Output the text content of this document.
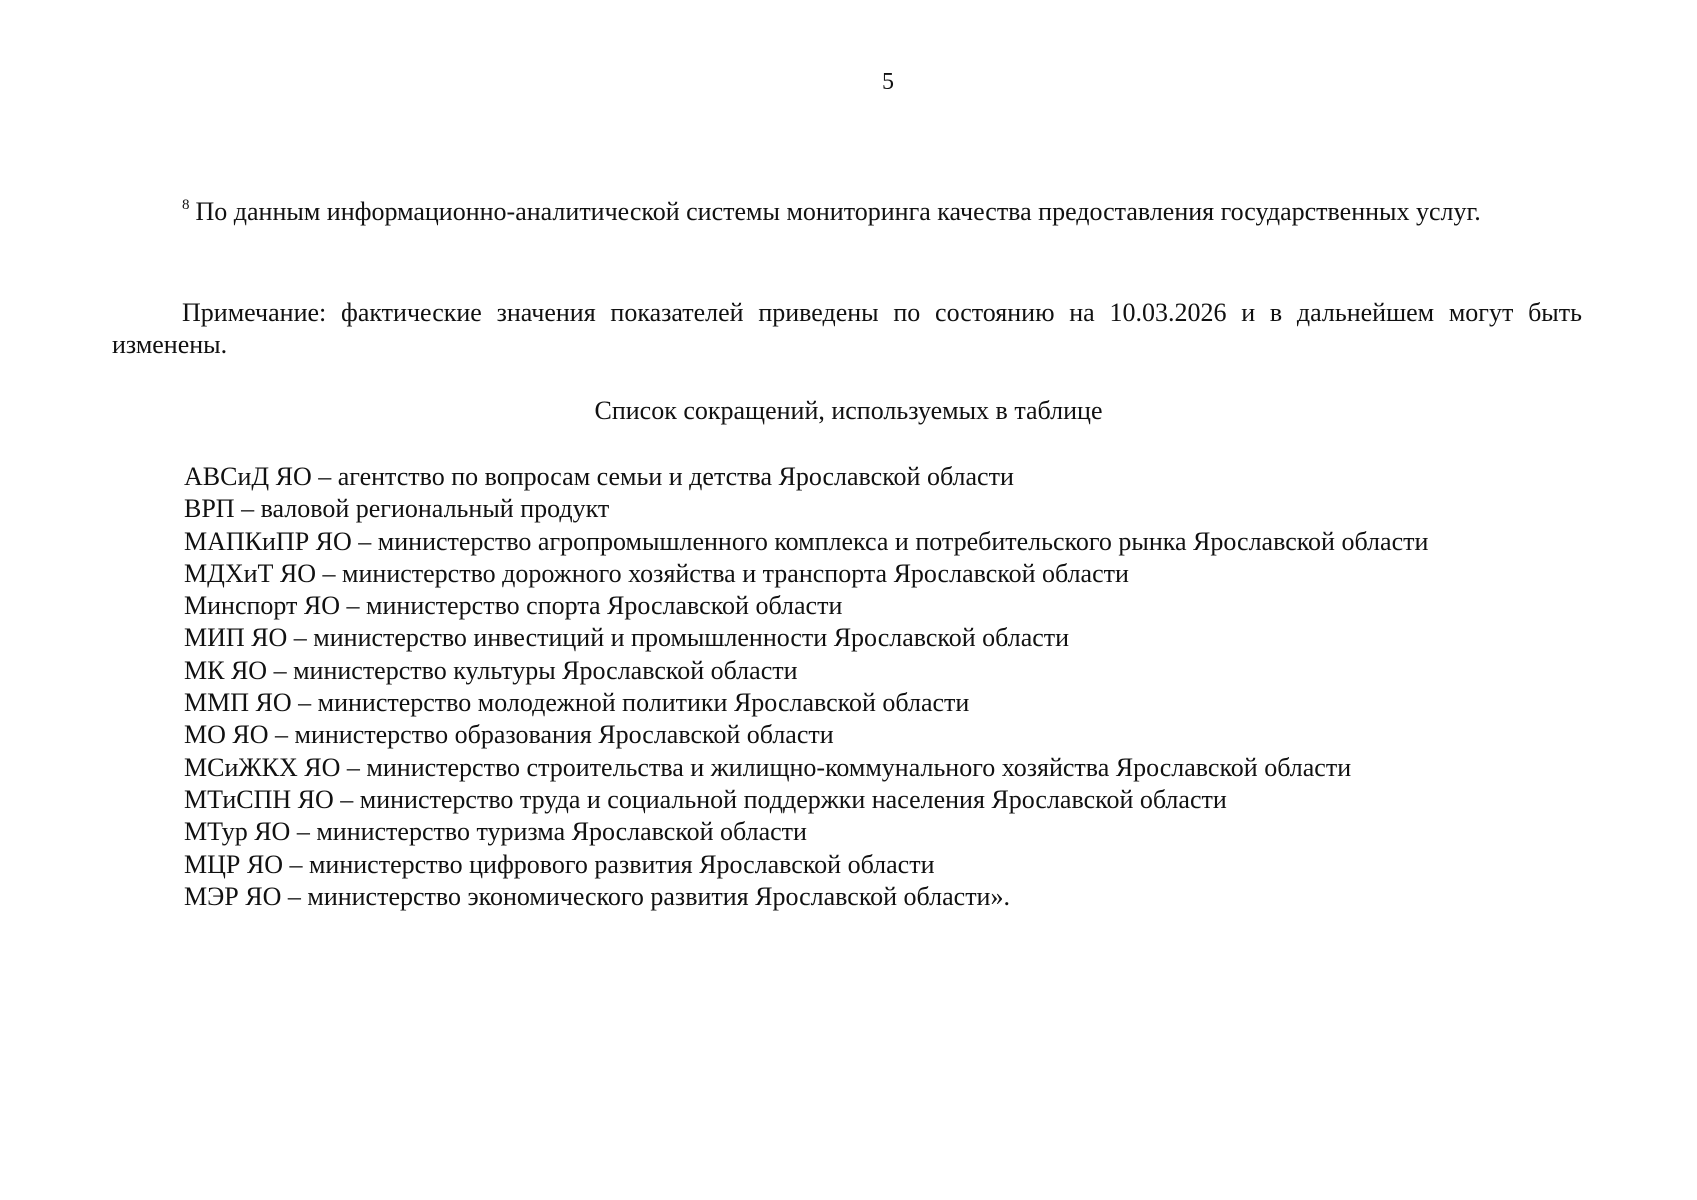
5

$^8$ По данным информационно-аналитической системы мониторинга качества предоставления государственных услуг.

Примечание: фактические значения показателей приведены по состоянию на 10.03.2026 и в дальнейшем могут быть изменены.

Список сокращений, используемых в таблице
АВСиД ЯО – агентство по вопросам семьи и детства Ярославской области
ВРП – валовой региональный продукт
МАПКиПР ЯО – министерство агропромышленного комплекса и потребительского рынка Ярославской области
МДХиТ ЯО – министерство дорожного хозяйства и транспорта Ярославской области
Минспорт ЯО – министерство спорта Ярославской области
МИП ЯО – министерство инвестиций и промышленности Ярославской области
МК ЯО – министерство культуры Ярославской области
ММП ЯО – министерство молодежной политики Ярославской области
МО ЯО – министерство образования Ярославской области
МСиЖКХ ЯО – министерство строительства и жилищно-коммунального хозяйства Ярославской области
МТиСПН ЯО – министерство труда и социальной поддержки населения Ярославской области
МТур ЯО – министерство туризма Ярославской области
МЦР ЯО – министерство цифрового развития Ярославской области
МЭР ЯО – министерство экономического развития Ярославской области».
